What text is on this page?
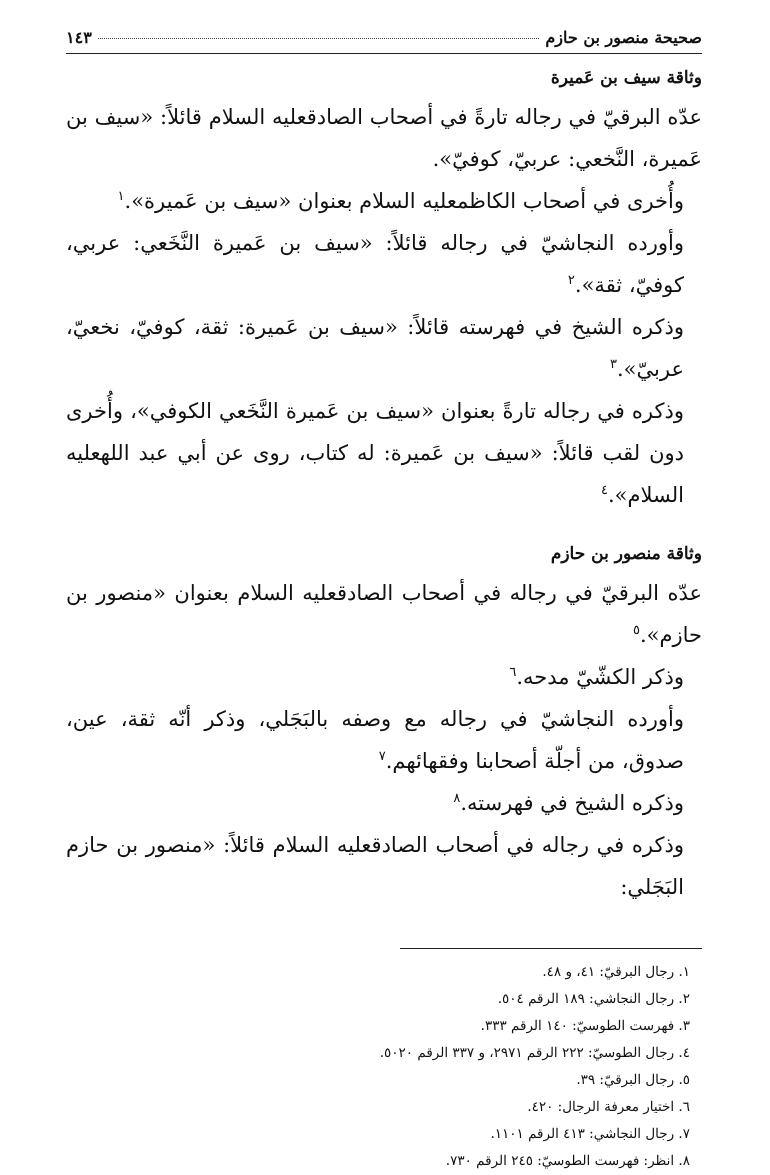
صحيحة منصور بن حازم
١٤٣
وثاقة سيف بن عَميرة

عدّه البرقيّ في رجاله تارةً في أصحاب الصادقعليه السلام قائلاً: «سيف بن عَميرة، النَّخعي: عربيّ، كوفيّ».

وأُخرى في أصحاب الكاظمعليه السلام بعنوان «سيف بن عَميرة».$^١$

وأورده النجاشيّ في رجاله قائلاً: «سيف بن عَميرة النَّخَعي: عربي، كوفيّ، ثقة».$^٢$

وذكره الشيخ في فهرسته قائلاً: «سيف بن عَميرة: ثقة، كوفيّ، نخعيّ، عربيّ».$^٣$

وذكره في رجاله تارةً بعنوان «سيف بن عَميرة النَّخَعي الكوفي»، وأُخرى دون لقب قائلاً: «سيف بن عَميرة: له كتاب، روى عن أبي عبد اللهعليه السلام».$^٤$

وثاقة منصور بن حازم

عدّه البرقيّ في رجاله في أصحاب الصادقعليه السلام بعنوان «منصور بن حازم».$^٥$

وذكر الكشّيّ مدحه.$^٦$

وأورده النجاشيّ في رجاله مع وصفه بالبَجَلي، وذكر أنّه ثقة، عين، صدوق، من أجلّة أصحابنا وفقهائهم.$^٧$

وذكره الشيخ في فهرسته.$^٨$

وذكره في رجاله في أصحاب الصادقعليه السلام قائلاً: «منصور بن حازم البَجَلي:

١. رجال البرقيّ: ٤١، و ٤٨.
٢. رجال النجاشي: ١٨٩ الرقم ٥٠٤.
٣. فهرست الطوسيّ: ١٤٠ الرقم ٣٣٣.
٤. رجال الطوسيّ: ٢٢٢ الرقم ٢٩٧١، و ٣٣٧ الرقم ٥٠٢٠.
٥. رجال البرقيّ: ٣٩.
٦. اختيار معرفة الرجال: ٤٢٠.
٧. رجال النجاشي: ٤١٣ الرقم ١١٠١.
٨. انظر: فهرست الطوسيّ: ٢٤٥ الرقم ٧٣٠.
